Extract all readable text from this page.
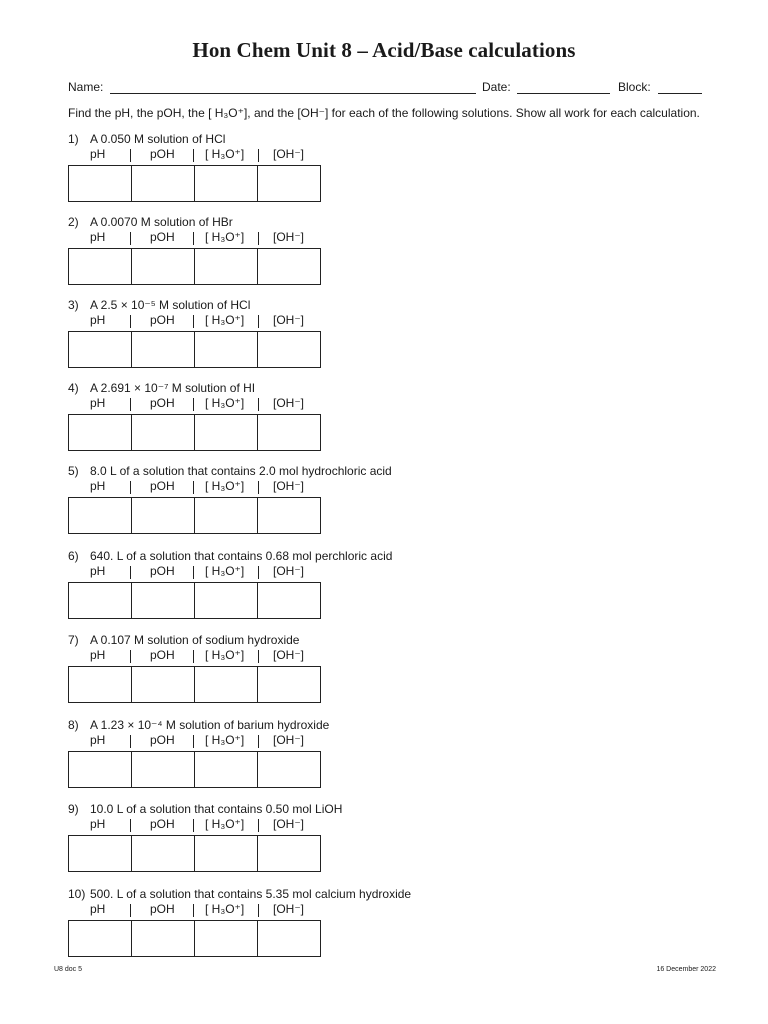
Hon Chem Unit 8 – Acid/Base calculations
Name:	Date:	Block:
Find the pH, the pOH, the [ H₃O⁺], and the [OH⁻] for each of the following solutions. Show all work for each calculation.
1) A 0.050 M solution of HCl
pH	pOH	[ H₃O⁺] [OH⁻]

2) A 0.0070 M solution of HBr
pH	pOH	[ H₃O⁺] [OH⁻]

3) A 2.5 × 10⁻⁵ M solution of HCl
pH	pOH	[ H₃O⁺] [OH⁻]

4) A 2.691 × 10⁻⁷ M solution of HI
pH	pOH	[ H₃O⁺] [OH⁻]

5) 8.0 L of a solution that contains 2.0 mol hydrochloric acid
pH	pOH	[ H₃O⁺] [OH⁻]

6) 640. L of a solution that contains 0.68 mol perchloric acid
pH	pOH	[ H₃O⁺] [OH⁻]

7) A 0.107 M solution of sodium hydroxide
pH	pOH	[ H₃O⁺] [OH⁻]

8) A 1.23 × 10⁻⁴ M solution of barium hydroxide
pH	pOH	[ H₃O⁺] [OH⁻]

9) 10.0 L of a solution that contains 0.50 mol LiOH
pH	pOH	[ H₃O⁺] [OH⁻]

10) 500. L of a solution that contains 5.35 mol calcium hydroxide
pH	pOH	[ H₃O⁺] [OH⁻]

U8 doc 5	16 December 2022
